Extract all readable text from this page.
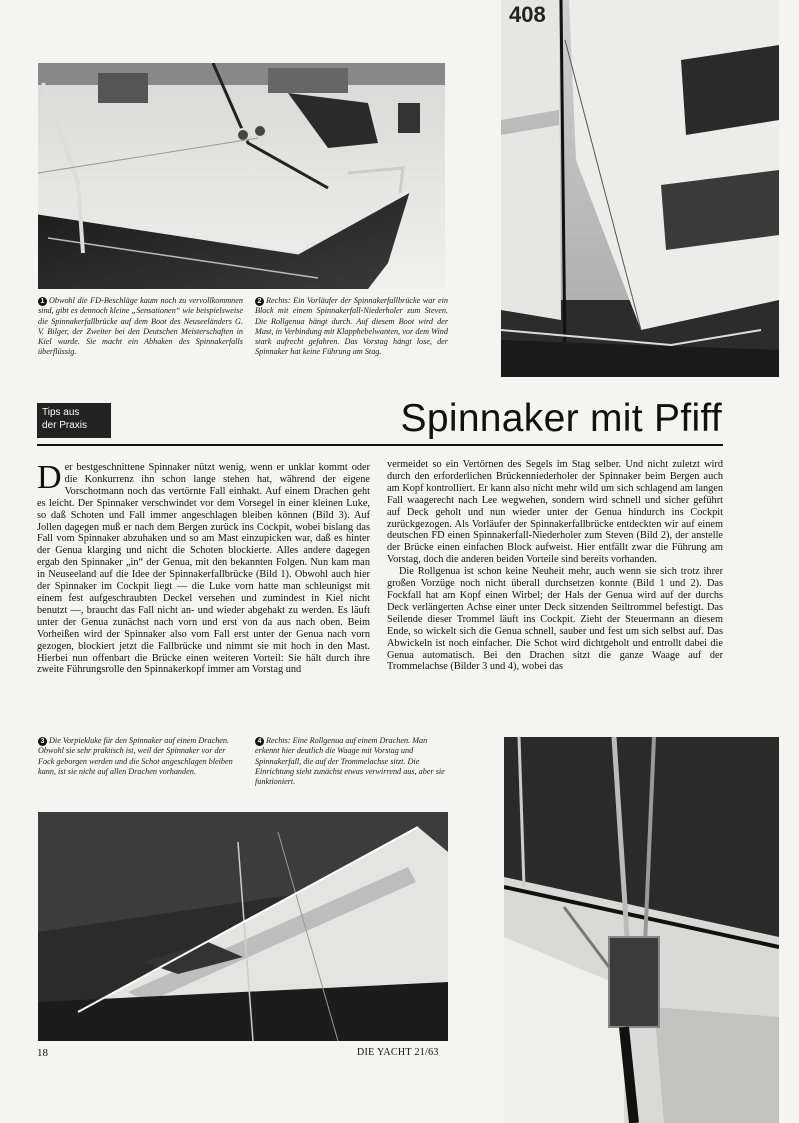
408
1 Obwohl die FD-Beschläge kaum noch zu vervollkommnen sind, gibt es dennoch kleine „Sensationen“ wie beispielsweise die Spinnakerfallbrücke auf dem Boot des Neuseeländers G. V. Bilger, der Zweiter bei den Deutschen Meisterschaften in Kiel wurde. Sie macht ein Abhaken des Spinnakerfalls überflüssig.
2 Rechts: Ein Vorläufer der Spinnakerfallbrücke war ein Block mit einem Spinnakerfall-Niederholer zum Steven. Die Rollgenua hängt durch. Auf diesem Boot wird der Mast, in Verbindung mit Klapphebelwanten, vor dem Wind stark aufrecht gefahren. Das Vorstag hängt lose, der Spinnaker hat keine Führung am Stag.
Tips aus
der Praxis	Spinnaker mit Pfiff
Der bestgeschnittene Spinnaker nützt wenig, wenn er unklar kommt oder die Konkurrenz ihn schon lange stehen hat, während der eigene Vorschotmann noch das vertörnte Fall einhakt. Auf einem Drachen geht es leicht. Der Spinnaker verschwindet vor dem Vorsegel in einer kleinen Luke, so daß Schoten und Fall immer angeschlagen bleiben können (Bild 3). Auf Jollen dagegen muß er nach dem Bergen zurück ins Cockpit, wobei bislang das Fall vom Spinnaker abzuhaken und so am Mast einzupicken war, daß es hinter der Genua klarging und nicht die Schoten blockierte. Alles andere dagegen ergab den Spinnaker „in“ der Genua, mit den bekannten Folgen. Nun kam man in Neuseeland auf die Idee der Spinnakerfallbrücke (Bild 1). Obwohl auch hier der Spinnaker im Cockpit liegt — die Luke vorn hatte man schleunigst mit einem fest aufgeschraubten Deckel versehen und zumindest in Kiel nicht benutzt —, braucht das Fall nicht an- und wieder abgehakt zu werden. Es läuft unter der Genua zunächst nach vorn und erst von da aus nach oben. Beim Vorheißen wird der Spinnaker also vom Fall erst unter der Genua nach vorn gezogen, blockiert jetzt die Fallbrücke und nimmt sie mit hoch in den Mast. Hierbei nun offenbart die Brücke einen weiteren Vorteil: Sie hält durch ihre zweite Führungsrolle den Spinnakerkopf immer am Vorstag und
vermeidet so ein Vertörnen des Segels im Stag selber. Und nicht zuletzt wird durch den erforderlichen Brückenniederholer der Spinnaker beim Bergen auch am Kopf kontrolliert. Er kann also nicht mehr wild um sich schlagend am langen Fall waagerecht nach Lee wegwehen, sondern wird schnell und sicher geführt auf Deck geholt und nun wieder unter der Genua hindurch ins Cockpit zurückgezogen. Als Vorläufer der Spinnakerfallbrücke entdeckten wir auf einem deutschen FD einen Spinnakerfall-Niederholer zum Steven (Bild 2), der anstelle der Brücke einen einfachen Block aufweist. Hier entfällt zwar die Führung am Vorstag, doch die anderen beiden Vorteile sind bereits vorhanden.
Die Rollgenua ist schon keine Neuheit mehr, auch wenn sie sich trotz ihrer großen Vorzüge noch nicht überall durchsetzen konnte (Bild 1 und 2). Das Fockfall hat am Kopf einen Wirbel; der Hals der Genua wird auf der durchs Deck verlängerten Achse einer unter Deck sitzenden Seiltrommel befestigt. Das Seilende dieser Trommel läuft ins Cockpit. Zieht der Steuermann an diesem Ende, so wickelt sich die Genua schnell, sauber und fest um sich selbst auf. Das Abwickeln ist noch einfacher. Die Schot wird dichtgeholt und entrollt dabei die Genua automatisch. Bei den Drachen sitzt die ganze Waage auf der Trommelachse (Bilder 3 und 4), wobei das
3 Die Vorpiekluke für den Spinnaker auf einem Drachen. Obwohl sie sehr praktisch ist, weil der Spinnaker vor der Fock geborgen werden und die Schot angeschlagen bleiben kann, ist sie nicht auf allen Drachen vorhanden.
4 Rechts: Eine Rollgenua auf einem Drachen. Man erkennt hier deutlich die Waage mit Vorstag und Spinnakerfall, die auf der Trommelachse sitzt. Die Einrichtung sieht zunächst etwas verwirrend aus, aber sie funktioniert.
18	DIE YACHT 21/63
